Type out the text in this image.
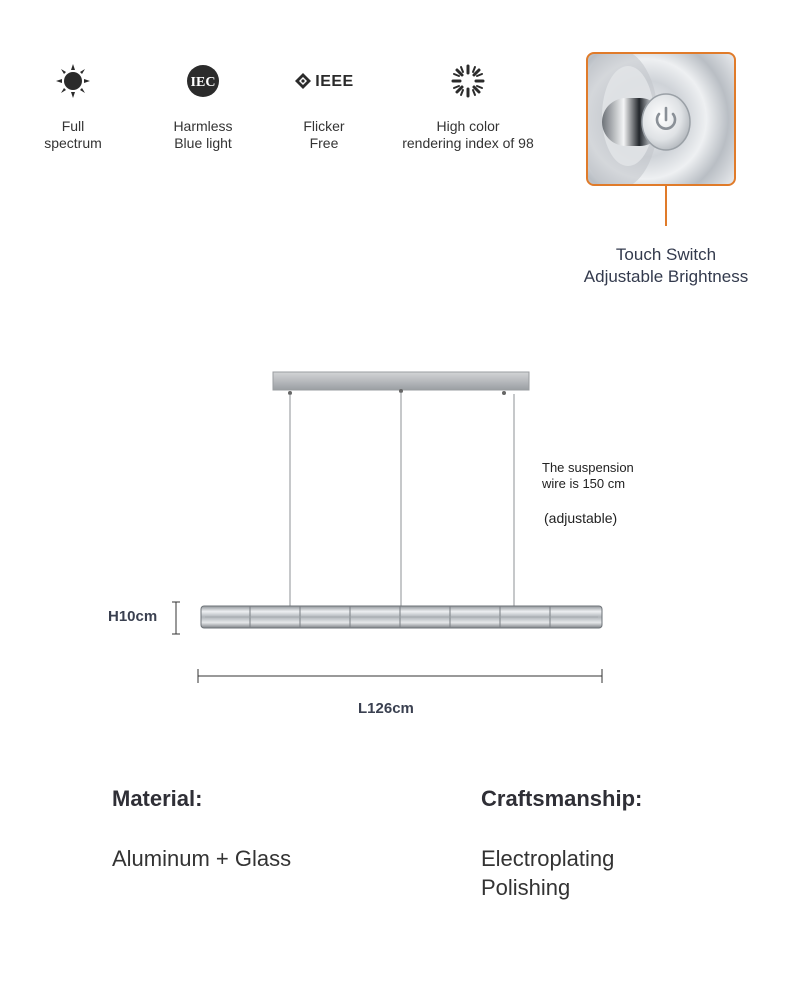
Full
spectrum
IEC
Harmless
Blue light
IEEE
Flicker
Free
High color
rendering index of 98
Touch Switch
Adjustable Brightness
The suspension
wire is 150 cm
(adjustable)
H10cm
L126cm
Material:
Aluminum + Glass
Craftsmanship:
Electroplating
Polishing
